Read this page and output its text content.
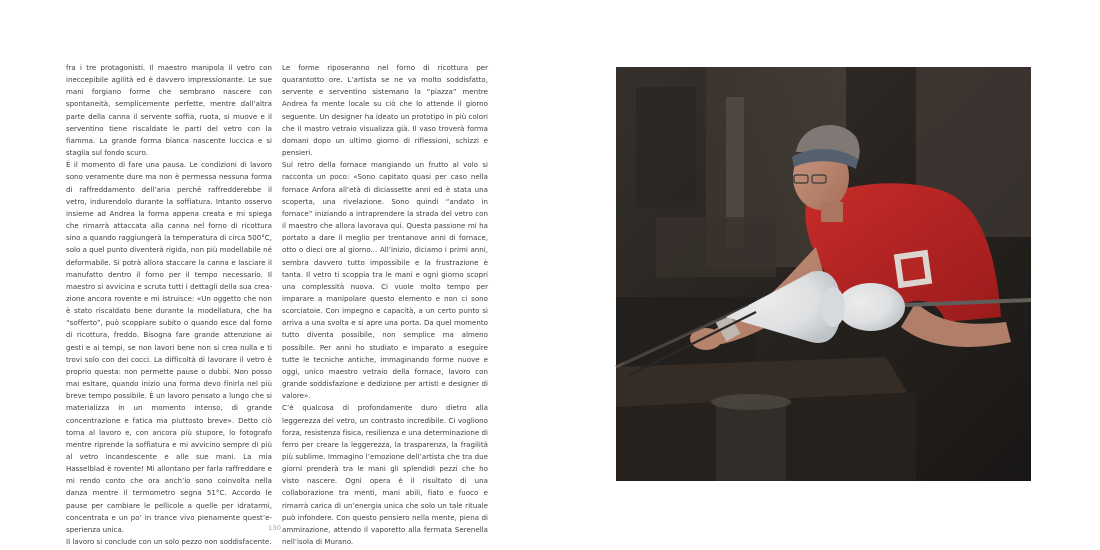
fra i tre protagonisti. Il maestro manipola il vetro con ineccepibile agilità ed è davvero impressionante. Le sue mani forgiano forme che sembrano nascere con spontaneità, semplicemente perfette, mentre dall’altra parte della canna il servente soffia, ruota, si muove e il serventino tiene riscaldate le parti del vetro con la fiamma. La grande forma bianca nascente luccica e si staglia sul fondo scuro.

È il momento di fare una pausa. Le condizioni di lavoro sono veramente dure ma non è permessa nessuna forma di raffreddamento dell’aria perché raffredderebbe il vetro, indurendolo durante la soffiatura. Intanto osservo insieme ad Andrea la forma appena creata e mi spiega che rimarrà attaccata alla canna nel forno di ricottura sino a quando raggiungerà la temperatura di circa 500°C, solo a quel punto diventerà rigida, non più modellabile né deformabile. Si potrà allora staccare la canna e lasciare il manufatto dentro il forno per il tempo necessario. Il maestro si avvicina e scruta tutti i dettagli della sua creazione ancora rovente e mi istruisce: «Un oggetto che non è stato riscaldato bene durante la modellatura, che ha “sofferto”, può scoppiare subito o quando esce dal forno di ricottura, freddo. Bisogna fare grande attenzione ai gesti e ai tempi, se non lavori bene non si crea nulla e ti trovi solo con dei cocci. La difficoltà di lavorare il vetro è proprio questa: non permette pause o dubbi. Non posso mai esitare, quando inizio una forma devo finirla nel più breve tempo possibile. È un lavoro pensato a lungo che si materializza in un momento intenso, di grande concentrazione e fatica ma piuttosto breve». Detto ciò torna al lavoro e, con ancora più stupore, lo fotografo mentre riprende la soffiatura e mi avvicino sempre di più al vetro incandescente e alle sue mani. La mia Hasselblad è rovente! Mi allontano per farla raffreddare e mi rendo conto che ora anch’io sono coinvolta nella danza mentre il termometro segna 51°C. Accordo le pause per cambiare le pellicole a quelle per idratarmi, concentrata e un po’ in trance vivo pienamente quest’esperienza unica.

Il lavoro si conclude con un solo pezzo non soddisfacente.

Le forme riposeranno nel forno di ricottura per quarantotto ore. L’artista se ne va molto soddisfatto, servente e serventino sistemano la “piazza” mentre Andrea fa mente locale su ciò che lo attende il giorno seguente. Un designer ha ideato un prototipo in più colori che il mastro vetraio visualizza già. Il vaso troverà forma domani dopo un ultimo giorno di riflessioni, schizzi e pensieri.

Sul retro della fornace mangiando un frutto al volo si racconta un poco: «Sono capitato quasi per caso nella fornace Anfora all’età di diciassette anni ed è stata una scoperta, una rivelazione. Sono quindi “andato in fornace” iniziando a intraprendere la strada del vetro con il maestro che allora lavorava qui. Questa passione mi ha portato a dare il meglio per trentanove anni di fornace, otto o dieci ore al giorno... All’inizio, diciamo i primi anni, sembra davvero tutto impossibile e la frustrazione è tanta. Il vetro ti scoppia tra le mani e ogni giorno scopri una complessità nuova. Ci vuole molto tempo per imparare a manipolare questo elemento e non ci sono scorciatoie. Con impegno e capacità, a un certo punto si arriva a una svolta e si apre una porta. Da quel momento tutto diventa possibile, non semplice ma almeno possibile. Per anni ho studiato e imparato a eseguire tutte le tecniche antiche, immaginando forme nuove e oggi, unico maestro vetraio della fornace, lavoro con grande soddisfazione e dedizione per artisti e designer di valore».

C’è qualcosa di profondamente duro dietro alla leggerezza del vetro, un contrasto incredibile. Ci vogliono forza, resistenza fisica, resilienza e una determinazione di ferro per creare la leggerezza, la trasparenza, la fragilità più sublime. Immagino l’emozione dell’artista che tra due giorni prenderà tra le mani gli splendidi pezzi che ho visto nascere. Ogni opera è il risultato di una collaborazione tra menti, mani abili, fiato e fuoco e rimarrà carica di un’energia unica che solo un tale rituale può infondere. Con questo pensiero nella mente, piena di ammirazione, attendo il vaporetto alla fermata Serenella nell’isola di Murano.

130
